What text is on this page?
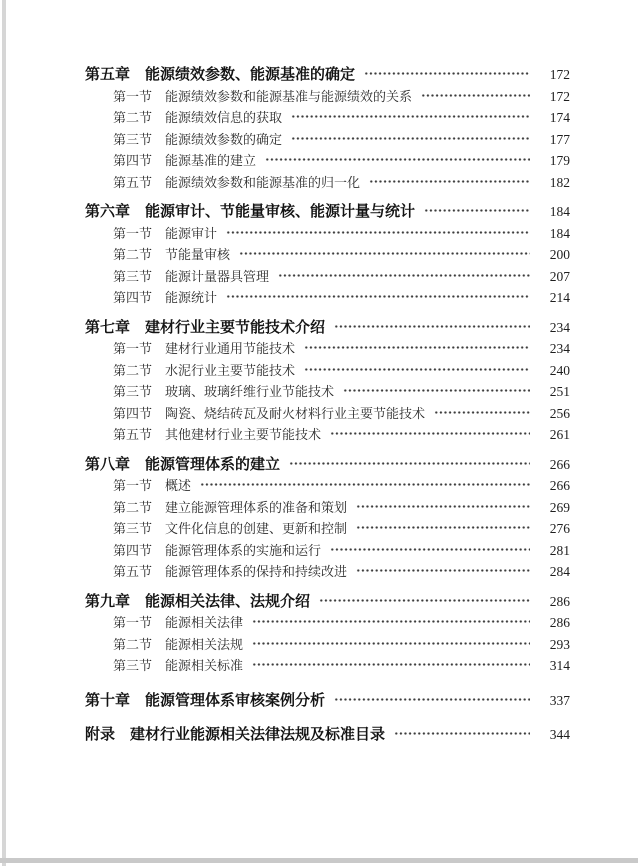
第五章 能源绩效参数、能源基准的确定	172
第一节 能源绩效参数和能源基准与能源绩效的关系	172
第二节 能源绩效信息的获取	174
第三节 能源绩效参数的确定	177
第四节 能源基准的建立	179
第五节 能源绩效参数和能源基准的归一化	182
第六章 能源审计、节能量审核、能源计量与统计	184
第一节 能源审计	184
第二节 节能量审核	200
第三节 能源计量器具管理	207
第四节 能源统计	214
第七章 建材行业主要节能技术介绍	234
第一节 建材行业通用节能技术	234
第二节 水泥行业主要节能技术	240
第三节 玻璃、玻璃纤维行业节能技术	251
第四节 陶瓷、烧结砖瓦及耐火材料行业主要节能技术	256
第五节 其他建材行业主要节能技术	261
第八章 能源管理体系的建立	266
第一节 概述	266
第二节 建立能源管理体系的准备和策划	269
第三节 文件化信息的创建、更新和控制	276
第四节 能源管理体系的实施和运行	281
第五节 能源管理体系的保持和持续改进	284
第九章 能源相关法律、法规介绍	286
第一节 能源相关法律	286
第二节 能源相关法规	293
第三节 能源相关标准	314
第十章 能源管理体系审核案例分析	337
附录 建材行业能源相关法律法规及标准目录	344
